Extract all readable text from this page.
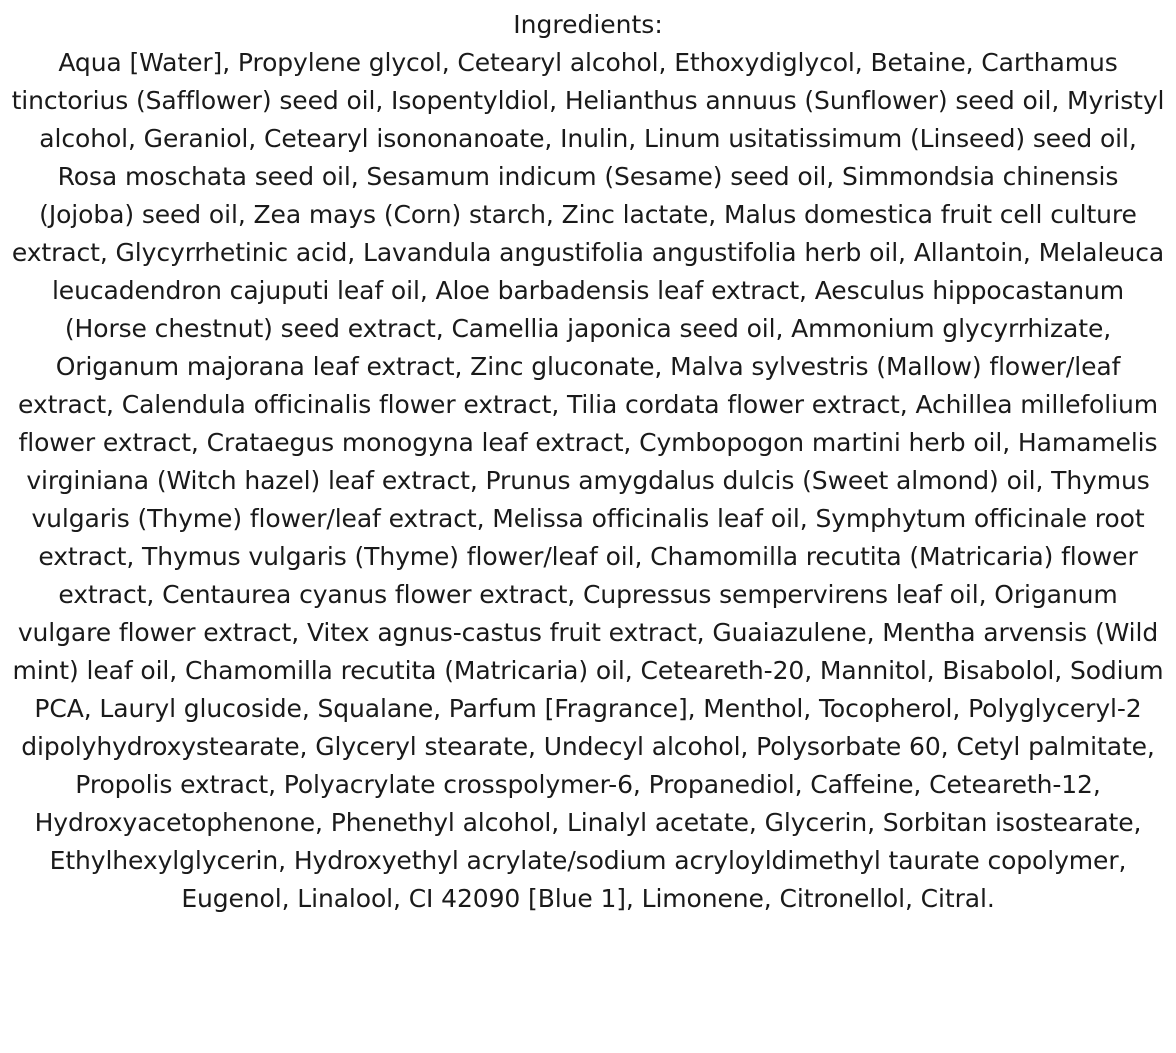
Ingredients:
Aqua [Water], Propylene glycol, Cetearyl alcohol, Ethoxydiglycol, Betaine, Carthamus tinctorius (Safflower) seed oil, Isopentyldiol, Helianthus annuus (Sunflower) seed oil, Myristyl alcohol, Geraniol, Cetearyl isononanoate, Inulin, Linum usitatissimum (Linseed) seed oil, Rosa moschata seed oil, Sesamum indicum (Sesame) seed oil, Simmondsia chinensis (Jojoba) seed oil, Zea mays (Corn) starch, Zinc lactate, Malus domestica fruit cell culture extract, Glycyrrhetinic acid, Lavandula angustifolia angustifolia herb oil, Allantoin, Melaleuca leucadendron cajuputi leaf oil, Aloe barbadensis leaf extract, Aesculus hippocastanum (Horse chestnut) seed extract, Camellia japonica seed oil, Ammonium glycyrrhizate, Origanum majorana leaf extract, Zinc gluconate, Malva sylvestris (Mallow) flower/leaf extract, Calendula officinalis flower extract, Tilia cordata flower extract, Achillea millefolium flower extract, Crataegus monogyna leaf extract, Cymbopogon martini herb oil, Hamamelis virginiana (Witch hazel) leaf extract, Prunus amygdalus dulcis (Sweet almond) oil, Thymus vulgaris (Thyme) flower/leaf extract, Melissa officinalis leaf oil, Symphytum officinale root extract, Thymus vulgaris (Thyme) flower/leaf oil, Chamomilla recutita (Matricaria) flower extract, Centaurea cyanus flower extract, Cupressus sempervirens leaf oil, Origanum vulgare flower extract, Vitex agnus-castus fruit extract, Guaiazulene, Mentha arvensis (Wild mint) leaf oil, Chamomilla recutita (Matricaria) oil, Ceteareth-20, Mannitol, Bisabolol, Sodium PCA, Lauryl glucoside, Squalane, Parfum [Fragrance], Menthol, Tocopherol, Polyglyceryl-2 dipolyhydroxystearate, Glyceryl stearate, Undecyl alcohol, Polysorbate 60, Cetyl palmitate, Propolis extract, Polyacrylate crosspolymer-6, Propanediol, Caffeine, Ceteareth-12, Hydroxyacetophenone, Phenethyl alcohol, Linalyl acetate, Glycerin, Sorbitan isostearate, Ethylhexylglycerin, Hydroxyethyl acrylate/sodium acryloyldimethyl taurate copolymer, Eugenol, Linalool, CI 42090 [Blue 1], Limonene, Citronellol, Citral.
